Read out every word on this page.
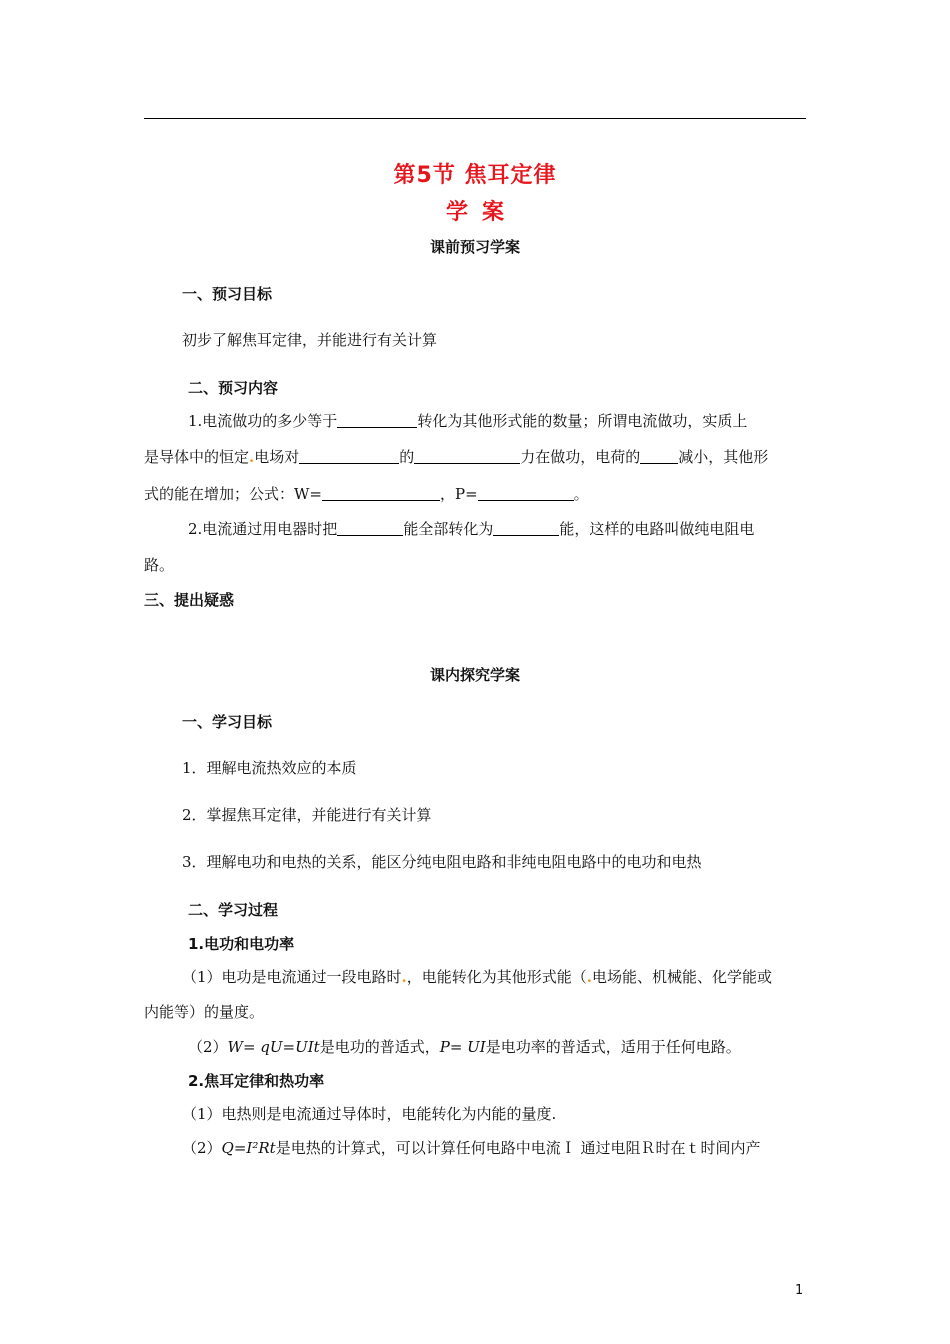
第5节 焦耳定律
学案
课前预习学案
一、预习目标
初步了解焦耳定律，并能进行有关计算
二、预习内容
1.电流做功的多少等于	转化为其他形式能的数量；所谓电流做功，实质上
是导体中的恒定.电场对	的	力在做功，电荷的	减小，其他形
式的能在增加；公式：W=	，P=	。
2.电流通过用电器时把	能全部转化为	能，这样的电路叫做纯电阻电
路。
三、提出疑惑
课内探究学案
一、学习目标
1．理解电流热效应的本质
2．掌握焦耳定律，并能进行有关计算
3．理解电功和电热的关系，能区分纯电阻电路和非纯电阻电路中的电功和电热
二、学习过程
1.电功和电功率
（1）电功是电流通过一段电路时.，电能转化为其他形式能（.电场能、机械能、化学能或
内能等）的量度。
（2）W= qU=UIt是电功的普适式，P= UI是电功率的普适式，适用于任何电路。
2.焦耳定律和热功率
（1）电热则是电流通过导体时，电能转化为内能的量度.
（2）Q=I²Rt是电热的计算式，可以计算任何电路中电流Ｉ 通过电阻Ｒ时在ｔ时间内产
1
